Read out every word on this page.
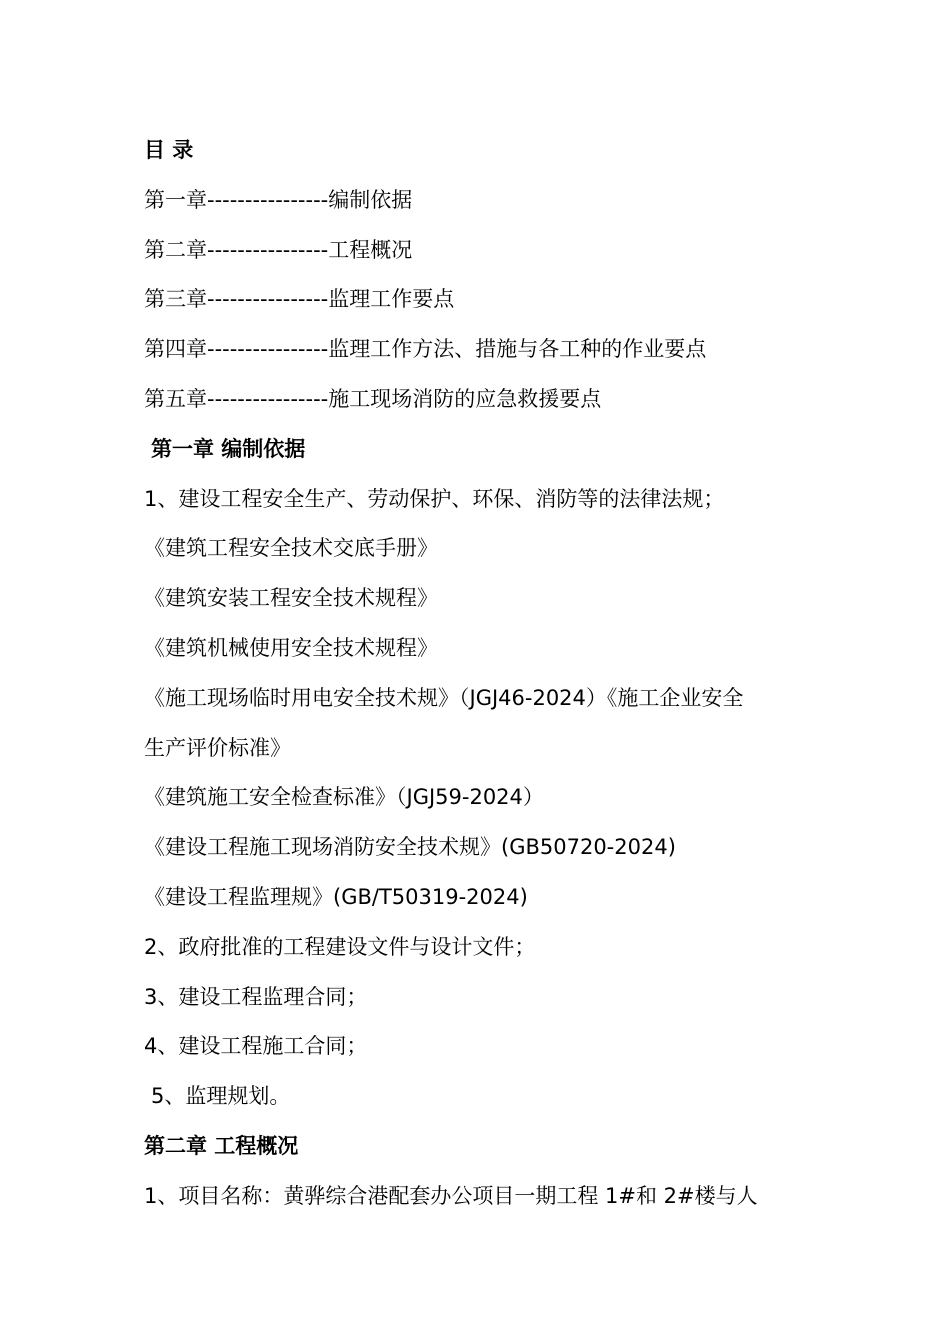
目 录

第一章----------------编制依据

第二章----------------工程概况

第三章----------------监理工作要点

第四章----------------监理工作方法、措施与各工种的作业要点

第五章----------------施工现场消防的应急救援要点

第一章 编制依据

1、建设工程安全生产、劳动保护、环保、消防等的法律法规；

《建筑工程安全技术交底手册》

《建筑安装工程安全技术规程》

《建筑机械使用安全技术规程》

《施工现场临时用电安全技术规》（JGJ46-2024）《施工企业安全

生产评价标准》

《建筑施工安全检查标准》（JGJ59-2024）

《建设工程施工现场消防安全技术规》(GB50720-2024)

《建设工程监理规》(GB/T50319-2024)

2、政府批准的工程建设文件与设计文件；

3、建设工程监理合同；

4、建设工程施工合同；

5、监理规划。

第二章 工程概况

1、项目名称：黄骅综合港配套办公项目一期工程 1#和 2#楼与人
